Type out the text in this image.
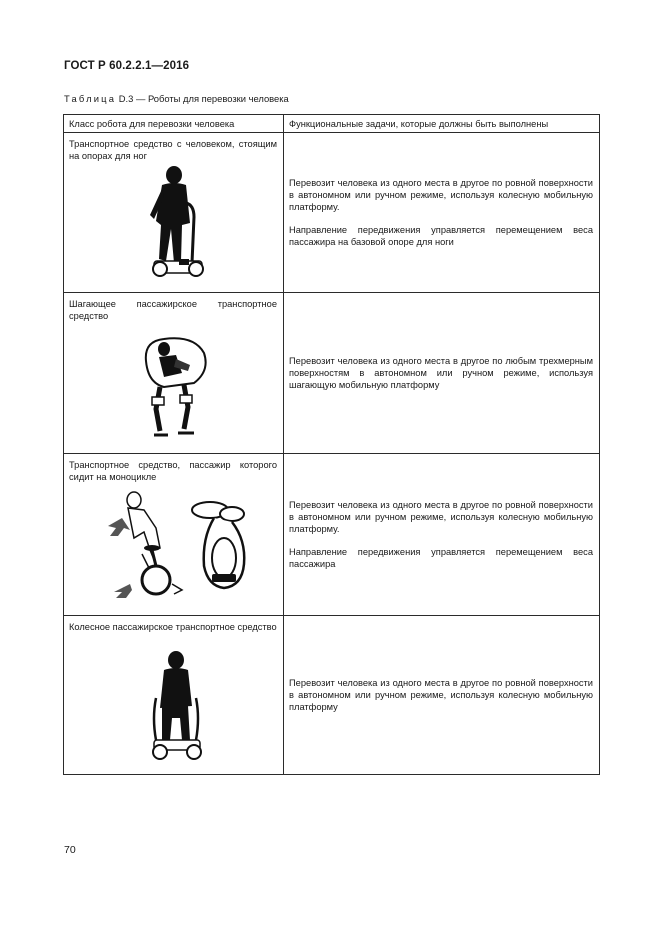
ГОСТ Р 60.2.2.1—2016
Таблица D.3 — Роботы для перевозки человека
Класс робота для перевозки человека	Функциональные задачи, которые должны быть выполнены

Транспортное средство с человеком, стоящим на опорах для ног	Перевозит человека из одного места в другое по ровной поверхности в автономном или ручном режиме, используя колесную мобильную платформу.

Направление передвижения управляется перемещением веса пассажира на базовой опоре для ноги

Шагающее пассажирское транспортное средство	Перевозит человека из одного места в другое по любым трехмерным поверхностям в автономном или ручном режиме, используя шагающую мобильную платформу

Транспортное средство, пассажир которого сидит на моноцикле	Перевозит человека из одного места в другое по ровной поверхности в автономном или ручном режиме, используя колесную мобильную платформу.

Направление передвижения управляется перемещением веса пассажира

Колесное пассажирское транспортное средство	Перевозит человека из одного места в другое по ровной поверхности в автономном или ручном режиме, используя колесную мобильную платформу

70
